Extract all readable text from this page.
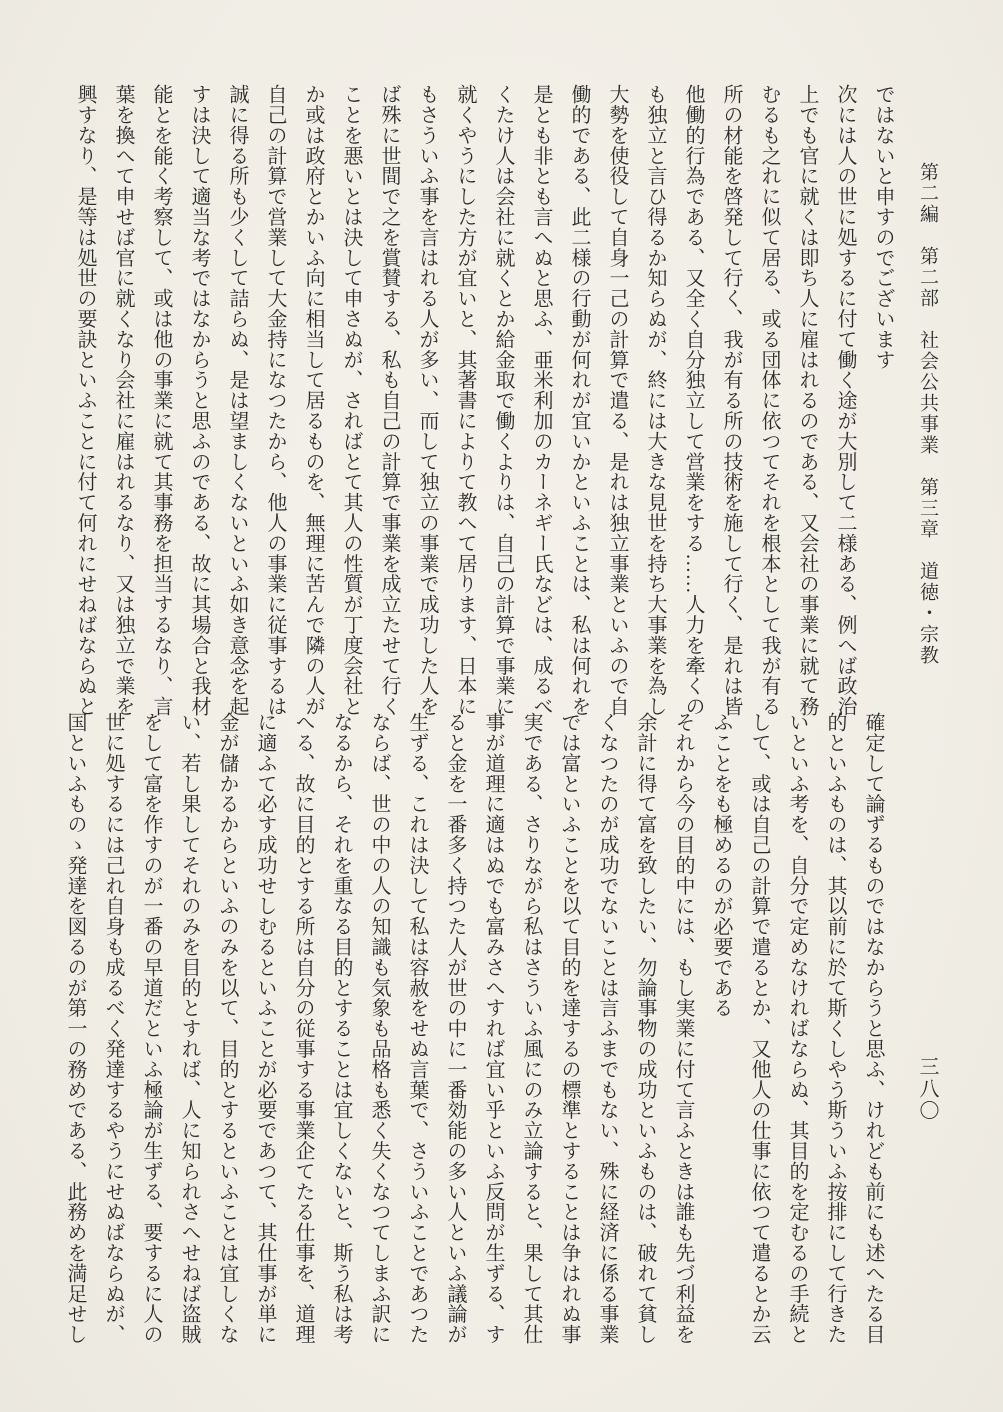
第二編　第二部　社会公共事業　第三章　道徳・宗教
ではないと申すのでございます
次には人の世に処するに付て働く途が大別して二様ある、例へば政治
上でも官に就くは即ち人に雇はれるのである、又会社の事業に就て務
むるも之れに似て居る、或る団体に依つてそれを根本として我が有る
所の材能を啓発して行く、我が有る所の技術を施して行く、是れは皆
他働的行為である、又全く自分独立して営業をする……人力を牽くの
も独立と言ひ得るか知らぬが、終には大きな見世を持ち大事業を為し
大勢を使役して自身一己の計算で遣る、是れは独立事業といふので自
働的である、此二様の行動が何れが宜いかといふことは、私は何れを
是とも非とも言へぬと思ふ、亜米利加のカーネギー氏などは、成るべ
くたけ人は会社に就くとか給金取で働くよりは、自己の計算で事業に
就くやうにした方が宜いと、其著書によりて教へて居ります、日本に
もさういふ事を言はれる人が多い、而して独立の事業で成功した人を
ば殊に世間で之を賞賛する、私も自己の計算で事業を成立たせて行く
ことを悪いとは決して申さぬが、さればとて其人の性質が丁度会社と
か或は政府とかいふ向に相当して居るものを、無理に苦んで隣の人が
自己の計算で営業して大金持になつたから、他人の事業に従事するは
誠に得る所も少くして詰らぬ、是は望ましくないといふ如き意念を起
すは決して適当な考ではなからうと思ふのである、故に其場合と我材
能とを能く考察して、或は他の事業に就て其事務を担当するなり、言
葉を換へて申せば官に就くなり会社に雇はれるなり、又は独立で業を
興すなり、是等は処世の要訣といふことに付て何れにせねばならぬと
確定して論ずるものではなからうと思ふ、けれども前にも述へたる目
的といふものは、其以前に於て斯くしやう斯ういふ按排にして行きた
いといふ考を、自分で定めなければならぬ、其目的を定むるの手続と
して、或は自己の計算で遣るとか、又他人の仕事に依つて遣るとか云
ふことをも極めるのが必要である
それから今の目的中には、もし実業に付て言ふときは誰も先づ利益を
余計に得て富を致したい、勿論事物の成功といふものは、破れて貧し
くなつたのが成功でないことは言ふまでもない、殊に経済に係る事業
では富といふことを以て目的を達するの標準とすることは争はれぬ事
実である、さりながら私はさういふ風にのみ立論すると、果して其仕
事が道理に適はぬでも富みさへすれば宜い乎といふ反問が生ずる、す
ると金を一番多く持つた人が世の中に一番効能の多い人といふ議論が
生ずる、これは決して私は容赦をせぬ言葉で、さういふことであつた
ならば、世の中の人の知識も気象も品格も悉く失くなつてしまふ訳に
なるから、それを重なる目的とすることは宜しくないと、斯う私は考
へる、故に目的とする所は自分の従事する事業企てたる仕事を、道理
に適ふて必す成功せしむるといふことが必要であつて、其仕事が単に
金が儲かるからといふのみを以て、目的とするといふことは宜しくな
い、若し果してそれのみを目的とすれば、人に知られさへせねば盗賊
をして富を作すのが一番の早道だといふ極論が生ずる、要するに人の
世に処するには己れ自身も成るべく発達するやうにせぬばならぬが、
国といふものゝ発達を図るのが第一の務めである、此務めを満足せし	三八〇
